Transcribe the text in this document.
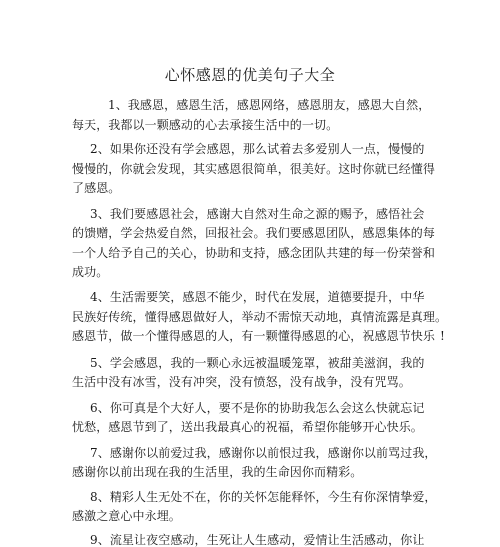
心怀感恩的优美句子大全
1、我感恩，感恩生活，感恩网络，感恩朋友，感恩大自然，
每天，我都以一颗感动的心去承接生活中的一切。
2、如果你还没有学会感恩，那么试着去多爱别人一点，慢慢的
慢慢的，你就会发现，其实感恩很简单，很美好。这时你就已经懂得
了感恩。
3、我们要感恩社会，感谢大自然对生命之源的赐予，感悟社会
的馈赠，学会热爱自然，回报社会。我们要感恩团队，感恩集体的每
一个人给予自己的关心，协助和支持，感念团队共建的每一份荣誉和
成功。
4、生活需要笑，感恩不能少，时代在发展，道德要提升，中华
民族好传统，懂得感恩做好人，举动不需惊天动地，真情流露是真理。
感恩节，做一个懂得感恩的人，有一颗懂得感恩的心，祝感恩节快乐 !
5、学会感恩，我的一颗心永远被温暖笼罩，被甜美滋润，我的
生活中没有冰雪，没有冲突，没有愤怒，没有战争，没有咒骂。
6、你可真是个大好人，要不是你的协助我怎么会这么快就忘记
忧愁，感恩节到了，送出我最真心的祝福，希望你能够开心快乐。
7、感谢你以前爱过我，感谢你以前恨过我，感谢你以前骂过我，
感谢你以前出现在我的生活里，我的生命因你而精彩。
8、精彩人生无处不在，你的关怀怎能释怀，今生有你深情挚爱，
感激之意心中永埋。
9、流星让夜空感动，生死让人生感动，爱情让生活感动，你让
